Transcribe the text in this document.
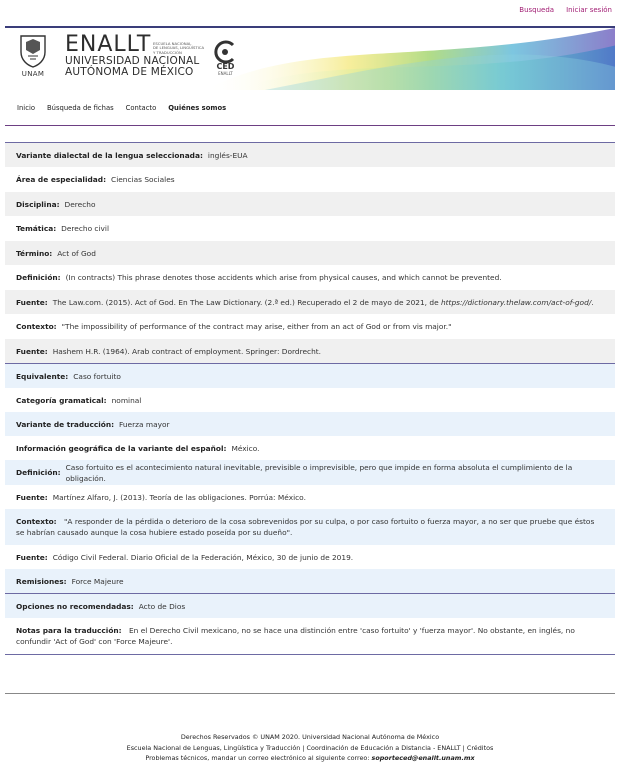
Busqueda Iniciar sesión
UNAM
ENALLT
UNIVERSIDAD NACIONAL
AUTÓNOMA DE MÉXICO
ESCUELA NACIONAL
DE LENGUAS, LINGÜÍSTICA
Y TRADUCCIÓN
CED
ENALLT
Inicio Búsqueda de fichas Contacto Quiénes somos
Variante dialectal de la lengua seleccionada: inglés-EUA
Área de especialidad: Ciencias Sociales
Disciplina: Derecho
Temática: Derecho civil
Término: Act of God
Definición: (In contracts) This phrase denotes those accidents which arise from physical causes, and which cannot be prevented.
Fuente: The Law.com. (2015). Act of God. En The Law Dictionary. (2.ª ed.) Recuperado el 2 de mayo de 2021, de https://dictionary.thelaw.com/act-of-god/.
Contexto: "The impossibility of performance of the contract may arise, either from an act of God or from vis major."
Fuente: Hashem H.R. (1964). Arab contract of employment. Springer: Dordrecht.
Equivalente: Caso fortuito
Categoría gramatical: nominal
Variante de traducción: Fuerza mayor
Información geográfica de la variante del español: México.
Definición:
Caso fortuito es el acontecimiento natural inevitable, previsible o imprevisible, pero que impide en forma absoluta el cumplimiento de la obligación.
Fuente: Martínez Alfaro, J. (2013). Teoría de las obligaciones. Porrúa: México.
Contexto: "A responder de la pérdida o deterioro de la cosa sobrevenidos por su culpa, o por caso fortuito o fuerza mayor, a no ser que pruebe que éstos se habrían causado aunque la cosa hubiere estado poseída por su dueño".
Fuente: Código Civil Federal. Diario Oficial de la Federación, México, 30 de junio de 2019.
Remisiones: Force Majeure
Opciones no recomendadas: Acto de Dios
Notas para la traducción: En el Derecho Civil mexicano, no se hace una distinción entre 'caso fortuito' y 'fuerza mayor'. No obstante, en inglés, no confundir 'Act of God' con 'Force Majeure'.
Derechos Reservados © UNAM 2020. Universidad Nacional Autónoma de México
Escuela Nacional de Lenguas, Lingüística y Traducción | Coordinación de Educación a Distancia - ENALLT | Créditos
Problemas técnicos, mandar un correo electrónico al siguiente correo: soporteced@enallt.unam.mx
